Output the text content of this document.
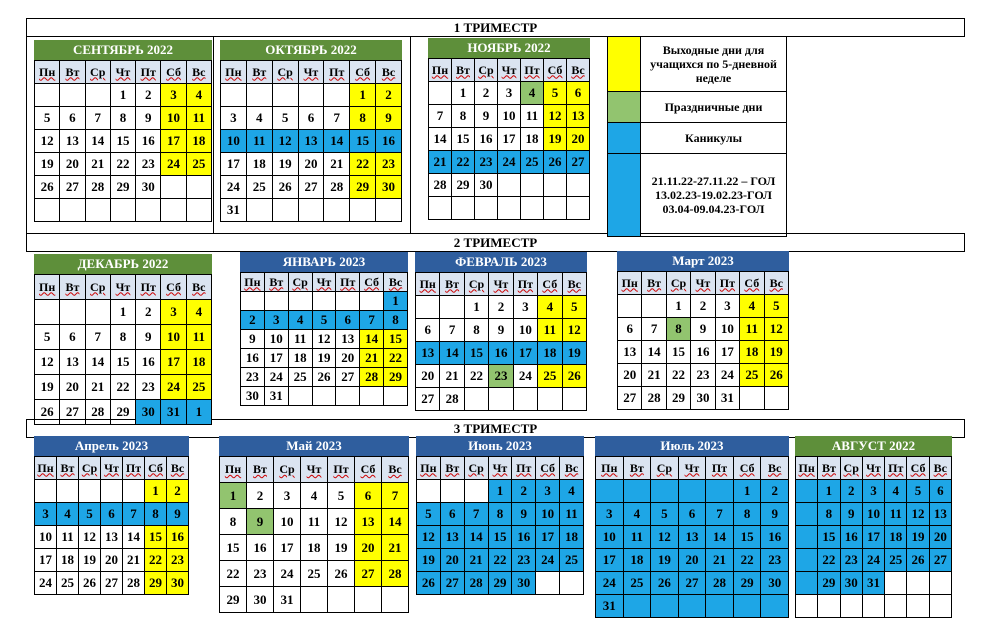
1 ТРИМЕСТР
2 ТРИМЕСТР
3 ТРИМЕСТР
СЕНТЯБРЬ 2022
Пн	Вт	Ср	Чт	Пт	Сб	Вс
			1	2	3	4
5	6	7	8	9	10	11
12	13	14	15	16	17	18
19	20	21	22	23	24	25
26	27	28	29	30		

ОКТЯБРЬ 2022
Пн	Вт	Ср	Чт	Пт	Сб	Вс
					1	2
3	4	5	6	7	8	9
10	11	12	13	14	15	16
17	18	19	20	21	22	23
24	25	26	27	28	29	30
31						
НОЯБРЬ 2022
Пн	Вт	Ср	Чт	Пт	Сб	Вс
	1	2	3	4	5	6
7	8	9	10	11	12	13
14	15	16	17	18	19	20
21	22	23	24	25	26	27
28	29	30				

Выходные дни для учащихся по 5-дневной неделе
Праздничные дни
Каникулы
21.11.22-27.11.22 – ГОЛ 13.02.23-19.02.23-ГОЛ 03.04-09.04.23-ГОЛ
ДЕКАБРЬ 2022
Пн	Вт	Ср	Чт	Пт	Сб	Вс
			1	2	3	4
5	6	7	8	9	10	11
12	13	14	15	16	17	18
19	20	21	22	23	24	25
26	27	28	29	30	31	1
ЯНВАРЬ 2023
Пн	Вт	Ср	Чт	Пт	Сб	Вс
						1
2	3	4	5	6	7	8
9	10	11	12	13	14	15
16	17	18	19	20	21	22
23	24	25	26	27	28	29
30	31					
ФЕВРАЛЬ 2023
Пн	Вт	Ср	Чт	Пт	Сб	Вс
		1	2	3	4	5
6	7	8	9	10	11	12
13	14	15	16	17	18	19
20	21	22	23	24	25	26
27	28					
Март 2023
Пн	Вт	Ср	Чт	Пт	Сб	Вс
		1	2	3	4	5
6	7	8	9	10	11	12
13	14	15	16	17	18	19
20	21	22	23	24	25	26
27	28	29	30	31		
Апрель 2023
Пн	Вт	Ср	Чт	Пт	Сб	Вс
					1	2
3	4	5	6	7	8	9
10	11	12	13	14	15	16
17	18	19	20	21	22	23
24	25	26	27	28	29	30
Май 2023
Пн	Вт	Ср	Чт	Пт	Сб	Вс
1	2	3	4	5	6	7
8	9	10	11	12	13	14
15	16	17	18	19	20	21
22	23	24	25	26	27	28
29	30	31				
Июнь 2023
Пн	Вт	Ср	Чт	Пт	Сб	Вс
			1	2	3	4
5	6	7	8	9	10	11
12	13	14	15	16	17	18
19	20	21	22	23	24	25
26	27	28	29	30		
Июль 2023
Пн	Вт	Ср	Чт	Пт	Сб	Вс
					1	2
3	4	5	6	7	8	9
10	11	12	13	14	15	16
17	18	19	20	21	22	23
24	25	26	27	28	29	30
31						
АВГУСТ 2022
Пн	Вт	Ср	Чт	Пт	Сб	Вс
	1	2	3	4	5	6
	8	9	10	11	12	13
	15	16	17	18	19	20
	22	23	24	25	26	27
	29	30	31			
